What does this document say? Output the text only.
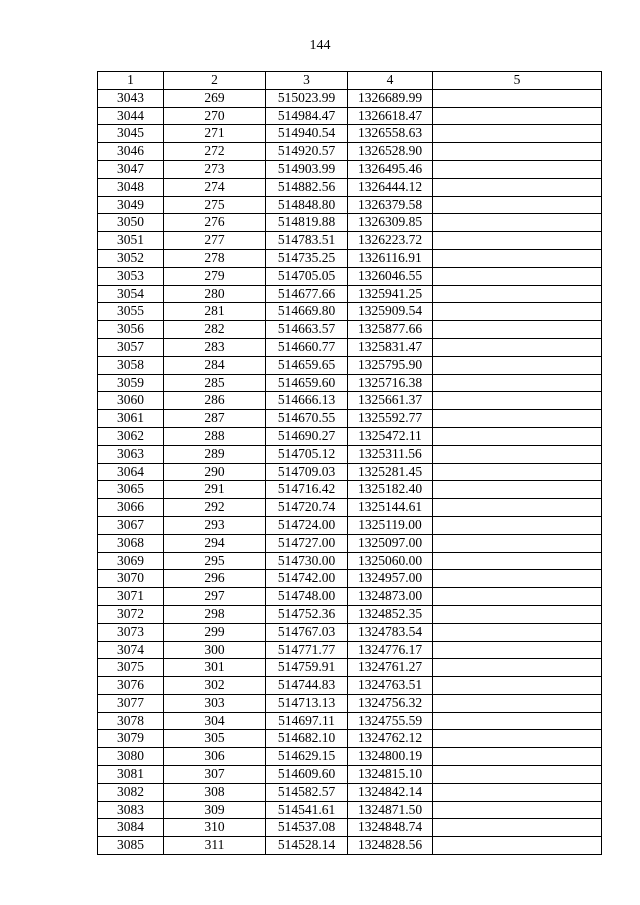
144
1	2	3	4	5
3043	269	515023.99	1326689.99	
3044	270	514984.47	1326618.47	
3045	271	514940.54	1326558.63	
3046	272	514920.57	1326528.90	
3047	273	514903.99	1326495.46	
3048	274	514882.56	1326444.12	
3049	275	514848.80	1326379.58	
3050	276	514819.88	1326309.85	
3051	277	514783.51	1326223.72	
3052	278	514735.25	1326116.91	
3053	279	514705.05	1326046.55	
3054	280	514677.66	1325941.25	
3055	281	514669.80	1325909.54	
3056	282	514663.57	1325877.66	
3057	283	514660.77	1325831.47	
3058	284	514659.65	1325795.90	
3059	285	514659.60	1325716.38	
3060	286	514666.13	1325661.37	
3061	287	514670.55	1325592.77	
3062	288	514690.27	1325472.11	
3063	289	514705.12	1325311.56	
3064	290	514709.03	1325281.45	
3065	291	514716.42	1325182.40	
3066	292	514720.74	1325144.61	
3067	293	514724.00	1325119.00	
3068	294	514727.00	1325097.00	
3069	295	514730.00	1325060.00	
3070	296	514742.00	1324957.00	
3071	297	514748.00	1324873.00	
3072	298	514752.36	1324852.35	
3073	299	514767.03	1324783.54	
3074	300	514771.77	1324776.17	
3075	301	514759.91	1324761.27	
3076	302	514744.83	1324763.51	
3077	303	514713.13	1324756.32	
3078	304	514697.11	1324755.59	
3079	305	514682.10	1324762.12	
3080	306	514629.15	1324800.19	
3081	307	514609.60	1324815.10	
3082	308	514582.57	1324842.14	
3083	309	514541.61	1324871.50	
3084	310	514537.08	1324848.74	
3085	311	514528.14	1324828.56	
